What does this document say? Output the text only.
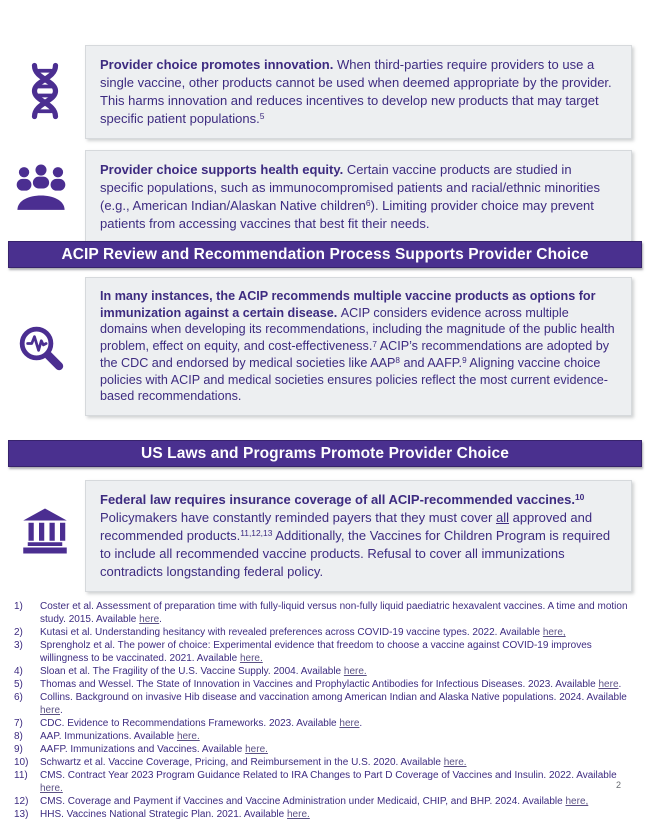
Provider choice promotes innovation. When third-parties require providers to use a single vaccine, other products cannot be used when deemed appropriate by the provider. This harms innovation and reduces incentives to develop new products that may target specific patient populations.$^5$
Provider choice supports health equity. Certain vaccine products are studied in specific populations, such as immunocompromised patients and racial/ethnic minorities (e.g., American Indian/Alaskan Native children$^6$). Limiting provider choice may prevent patients from accessing vaccines that best fit their needs.
ACIP Review and Recommendation Process Supports Provider Choice
In many instances, the ACIP recommends multiple vaccine products as options for immunization against a certain disease. ACIP considers evidence across multiple domains when developing its recommendations, including the magnitude of the public health problem, effect on equity, and cost-effectiveness.$^7$ ACIP’s recommendations are adopted by the CDC and endorsed by medical societies like AAP$^8$ and AAFP.$^9$ Aligning vaccine choice policies with ACIP and medical societies ensures policies reflect the most current evidence-based recommendations.
US Laws and Programs Promote Provider Choice
Federal law requires insurance coverage of all ACIP-recommended vaccines.$^{10}$ Policymakers have constantly reminded payers that they must cover all approved and recommended products.$^{11,12,13}$ Additionally, the Vaccines for Children Program is required to include all recommended vaccine products. Refusal to cover all immunizations contradicts longstanding federal policy.
1)	Coster et al. Assessment of preparation time with fully-liquid versus non-fully liquid paediatric hexavalent vaccines. A time and motion study. 2015. Available here.
2)	Kutasi et al. Understanding hesitancy with revealed preferences across COVID-19 vaccine types. 2022. Available here,
3)	Sprengholz et al. The power of choice: Experimental evidence that freedom to choose a vaccine against COVID-19 improves willingness to be vaccinated. 2021. Available here.
4)	Sloan et al. The Fragility of the U.S. Vaccine Supply. 2004. Available here.
5)	Thomas and Wessel. The State of Innovation in Vaccines and Prophylactic Antibodies for Infectious Diseases. 2023. Available here.
6)	Collins. Background on invasive Hib disease and vaccination among American Indian and Alaska Native populations. 2024. Available here.
7)	CDC. Evidence to Recommendations Frameworks. 2023. Available here.
8)	AAP. Immunizations. Available here.
9)	AAFP. Immunizations and Vaccines. Available here.
10)	Schwartz et al. Vaccine Coverage, Pricing, and Reimbursement in the U.S. 2020. Available here.
11)	CMS. Contract Year 2023 Program Guidance Related to IRA Changes to Part D Coverage of Vaccines and Insulin. 2022. Available here.
12)	CMS. Coverage and Payment if Vaccines and Vaccine Administration under Medicaid, CHIP, and BHP. 2024. Available here,
13)	HHS. Vaccines National Strategic Plan. 2021. Available here.
2
